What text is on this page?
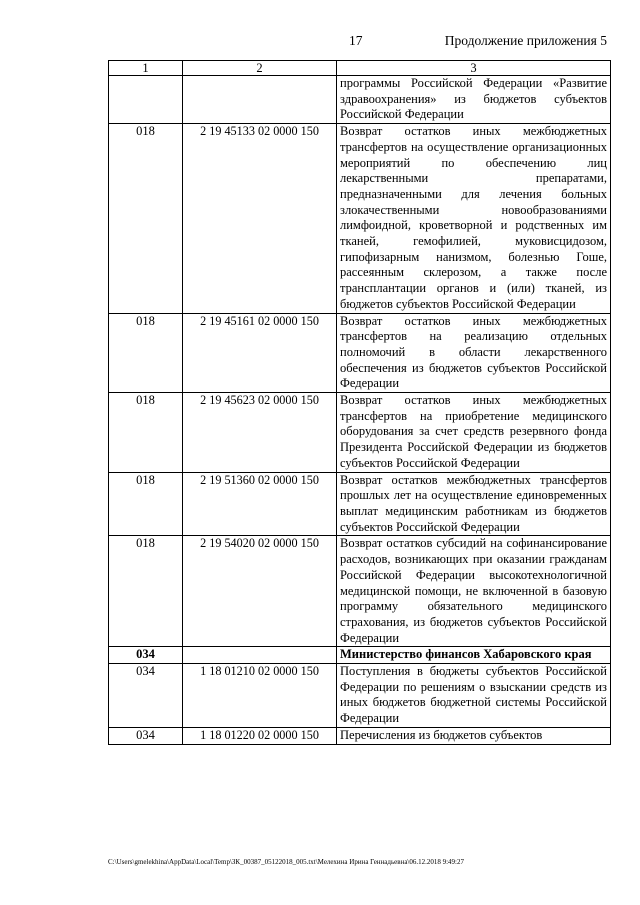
17	Продолжение приложения 5
1	2	3
		программы Российской Федерации «Развитие здравоохранения» из бюджетов субъектов Российской Федерации
018	2 19 45133 02 0000 150	Возврат остатков иных межбюджетных трансфертов на осуществление организационных мероприятий по обеспечению лиц лекарственными препаратами, предназначенными для лечения больных злокачественными новообразованиями лимфоидной, кроветворной и родственных им тканей, гемофилией, муковисцидозом, гипофизарным нанизмом, болезнью Гоше, рассеянным склерозом, а также после трансплантации органов и (или) тканей, из бюджетов субъектов Российской Федерации
018	2 19 45161 02 0000 150	Возврат остатков иных межбюджетных трансфертов на реализацию отдельных полномочий в области лекарственного обеспечения из бюджетов субъектов Российской Федерации
018	2 19 45623 02 0000 150	Возврат остатков иных межбюджетных трансфертов на приобретение медицинского оборудования за счет средств резервного фонда Президента Российской Федерации из бюджетов субъектов Российской Федерации
018	2 19 51360 02 0000 150	Возврат остатков межбюджетных трансфертов прошлых лет на осуществление единовременных выплат медицинским работникам из бюджетов субъектов Российской Федерации
018	2 19 54020 02 0000 150	Возврат остатков субсидий на софинансирование расходов, возникающих при оказании гражданам Российской Федерации высокотехнологичной медицинской помощи, не включенной в базовую программу обязательного медицинского страхования, из бюджетов субъектов Российской Федерации
034		Министерство финансов Хабаровского края
034	1 18 01210 02 0000 150	Поступления в бюджеты субъектов Российской Федерации по решениям о взыскании средств из иных бюджетов бюджетной системы Российской Федерации
034	1 18 01220 02 0000 150	Перечисления из бюджетов субъектов
C:\Users\gmelekhina\AppData\Local\Temp\ЗК_00387_05122018_005.txt\Мелехина Ирина Геннадьевна\06.12.2018 9:49:27
